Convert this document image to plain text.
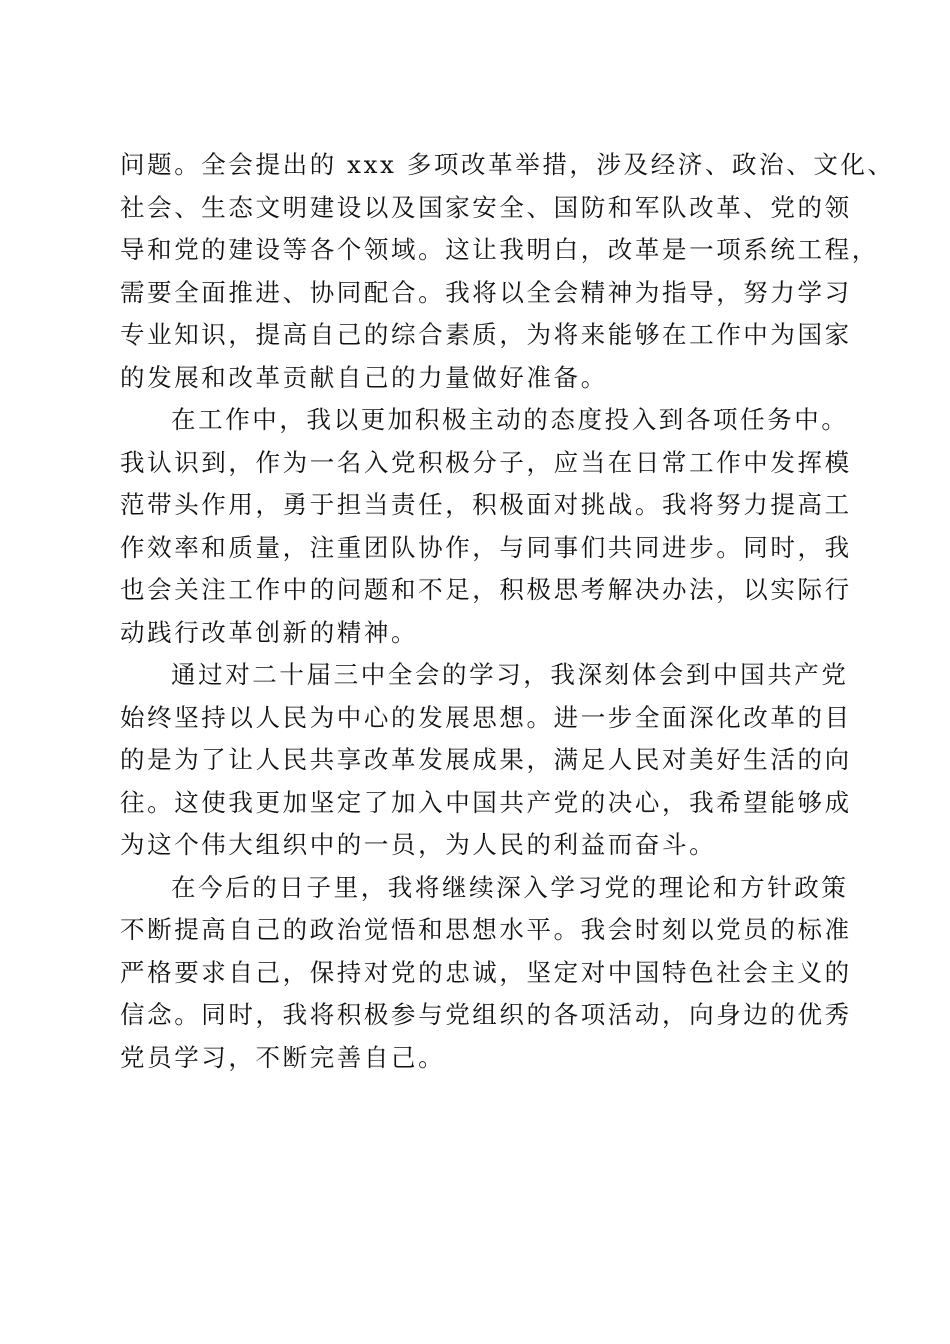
问题。全会提出的 xxx 多项改革举措，涉及经济、政治、文化、
社会、生态文明建设以及国家安全、国防和军队改革、党的领
导和党的建设等各个领域。这让我明白，改革是一项系统工程，
需要全面推进、协同配合。我将以全会精神为指导，努力学习
专业知识，提高自己的综合素质，为将来能够在工作中为国家
的发展和改革贡献自己的力量做好准备。
在工作中，我以更加积极主动的态度投入到各项任务中。
我认识到，作为一名入党积极分子，应当在日常工作中发挥模
范带头作用，勇于担当责任，积极面对挑战。我将努力提高工
作效率和质量，注重团队协作，与同事们共同进步。同时，我
也会关注工作中的问题和不足，积极思考解决办法，以实际行
动践行改革创新的精神。
通过对二十届三中全会的学习，我深刻体会到中国共产党
始终坚持以人民为中心的发展思想。进一步全面深化改革的目
的是为了让人民共享改革发展成果，满足人民对美好生活的向
往。这使我更加坚定了加入中国共产党的决心，我希望能够成
为这个伟大组织中的一员，为人民的利益而奋斗。
在今后的日子里，我将继续深入学习党的理论和方针政策
不断提高自己的政治觉悟和思想水平。我会时刻以党员的标准
严格要求自己，保持对党的忠诚，坚定对中国特色社会主义的
信念。同时，我将积极参与党组织的各项活动，向身边的优秀
党员学习，不断完善自己。
